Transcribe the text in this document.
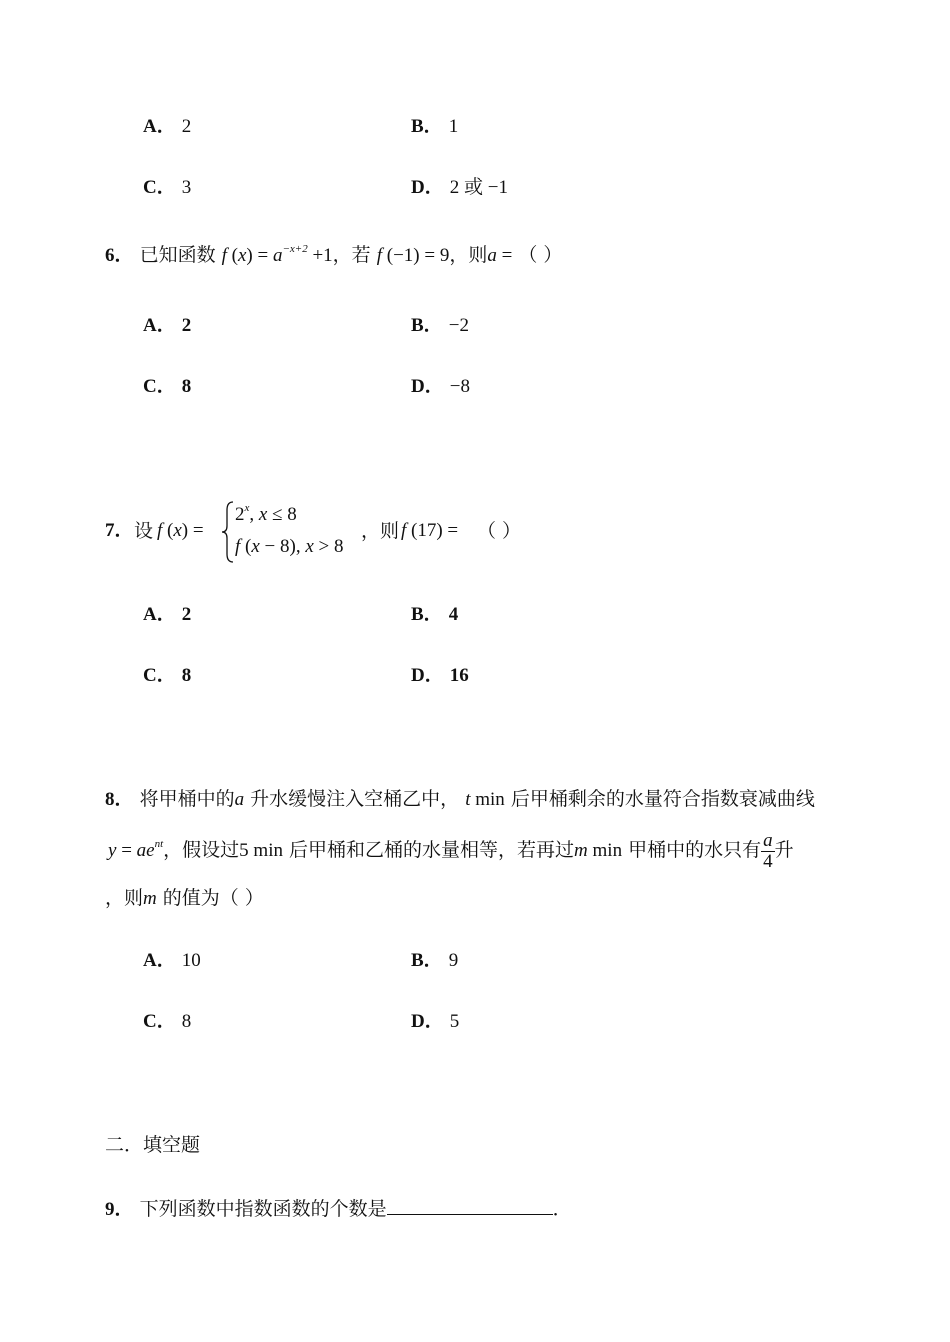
A． 2	B． 1
C． 3	D． 2 或 −1
6． 已知函数 f $(x) = a^{-x+2} +1$，若 f (−1) = 9，则a = （ ）
A． 2	B． −2
C． 8	D． −8
7． 设 f (x) =
$2^x$, x ≤ 8
f (x − 8), x > 8
，则 f (17) = （ ）
A． 2	B． 4
C． 8	D． 16
8． 将甲桶中的a 升水缓慢注入空桶乙中， t min 后甲桶剩余的水量符合指数衰减曲线
$y = ae^{nt}$，假设过5 min 后甲桶和乙桶的水量相等，若再过m min 甲桶中的水只有 $\frac{a}{4}$ 升
，则m 的值为（ ）
A． 10	B． 9
C． 8	D． 5
二．填空题
9． 下列函数中指数函数的个数是	．
